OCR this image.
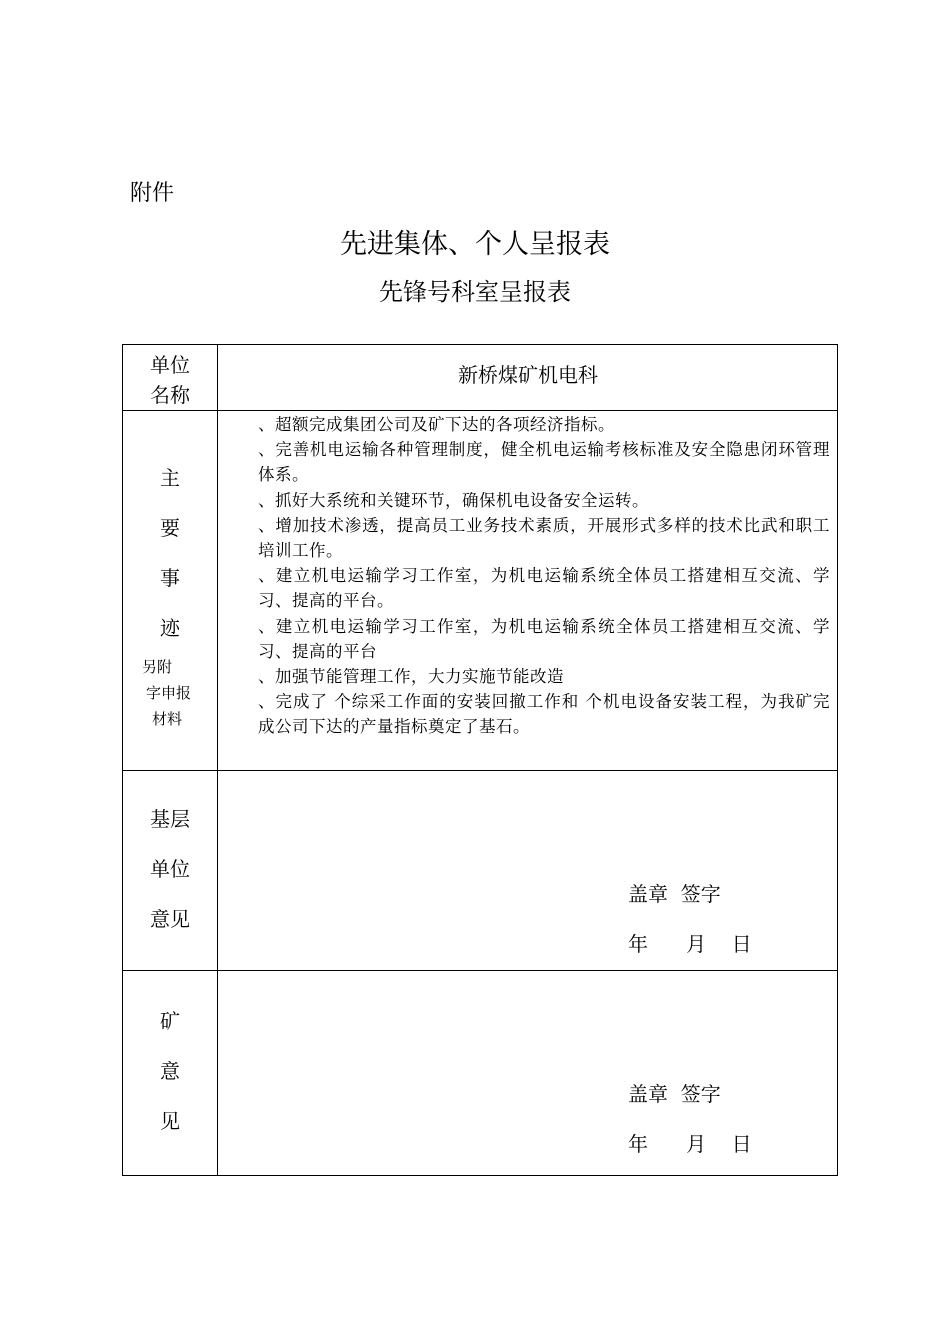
附件
先进集体、个人呈报表
先锋号科室呈报表
单位
名称
新桥煤矿机电科
主
要
事
迹
另附
字申报
材料
、超额完成集团公司及矿下达的各项经济指标。
、完善机电运输各种管理制度，健全机电运输考核标准及安全隐患闭环管理体系。
、抓好大系统和关键环节，确保机电设备安全运转。
、增加技术渗透，提高员工业务技术素质，开展形式多样的技术比武和职工培训工作。
、建立机电运输学习工作室，为机电运输系统全体员工搭建相互交流、学习、提高的平台。
、建立机电运输学习工作室，为机电运输系统全体员工搭建相互交流、学习、提高的平台
、加强节能管理工作，大力实施节能改造
、完成了 个综采工作面的安装回撤工作和 个机电设备安装工程，为我矿完成公司下达的产量指标奠定了基石。
基层
单位
意见
盖章  签字
年      月    日
矿
意
见
盖章  签字
年      月    日
